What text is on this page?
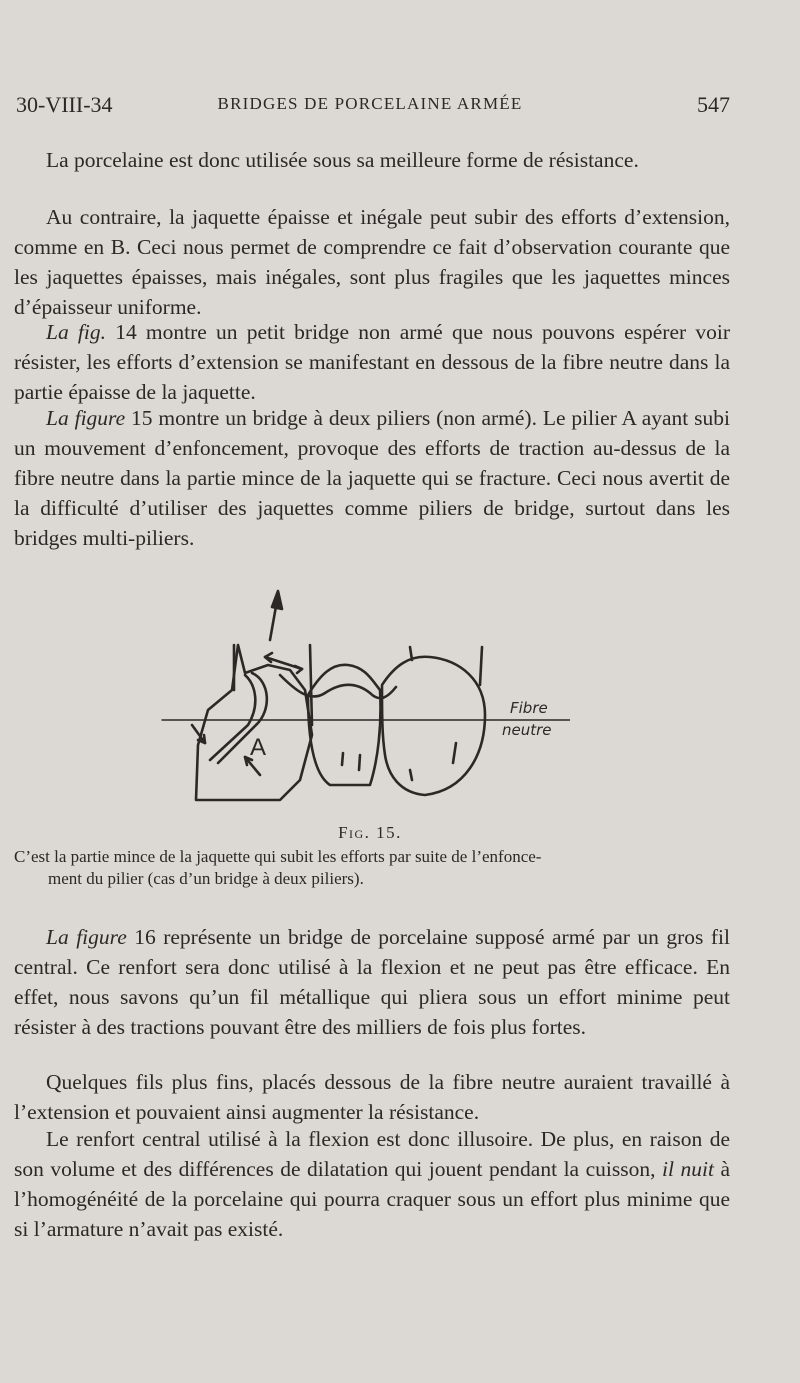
30-VIII-34	BRIDGES DE PORCELAINE ARMÉE	547

La porcelaine est donc utilisée sous sa meilleure forme de résistance.

Au contraire, la jaquette épaisse et inégale peut subir des efforts d’extension, comme en B. Ceci nous permet de comprendre ce fait d’observation courante que les jaquettes épaisses, mais inégales, sont plus fragiles que les jaquettes minces d’épaisseur uniforme.

La fig. 14 montre un petit bridge non armé que nous pouvons espérer voir résister, les efforts d’extension se manifestant en dessous de la fibre neutre dans la partie épaisse de la jaquette.

La figure 15 montre un bridge à deux piliers (non armé). Le pilier A ayant subi un mouvement d’enfoncement, provoque des efforts de traction au-dessus de la fibre neutre dans la partie mince de la jaquette qui se fracture. Ceci nous avertit de la difficulté d’utiliser des jaquettes comme piliers de bridge, surtout dans les bridges multi-piliers.

A
Fibre
neutre
Fig. 15.
C’est la partie mince de la jaquette qui subit les efforts par suite de l’enfonce-
ment du pilier (cas d’un bridge à deux piliers).

La figure 16 représente un bridge de porcelaine supposé armé par un gros fil central. Ce renfort sera donc utilisé à la flexion et ne peut pas être efficace. En effet, nous savons qu’un fil métallique qui pliera sous un effort minime peut résister à des tractions pouvant être des milliers de fois plus fortes.

Quelques fils plus fins, placés dessous de la fibre neutre auraient travaillé à l’extension et pouvaient ainsi augmenter la résistance.

Le renfort central utilisé à la flexion est donc illusoire. De plus, en raison de son volume et des différences de dilatation qui jouent pendant la cuisson, il nuit à l’homogénéité de la porcelaine qui pourra craquer sous un effort plus minime que si l’armature n’avait pas existé.
